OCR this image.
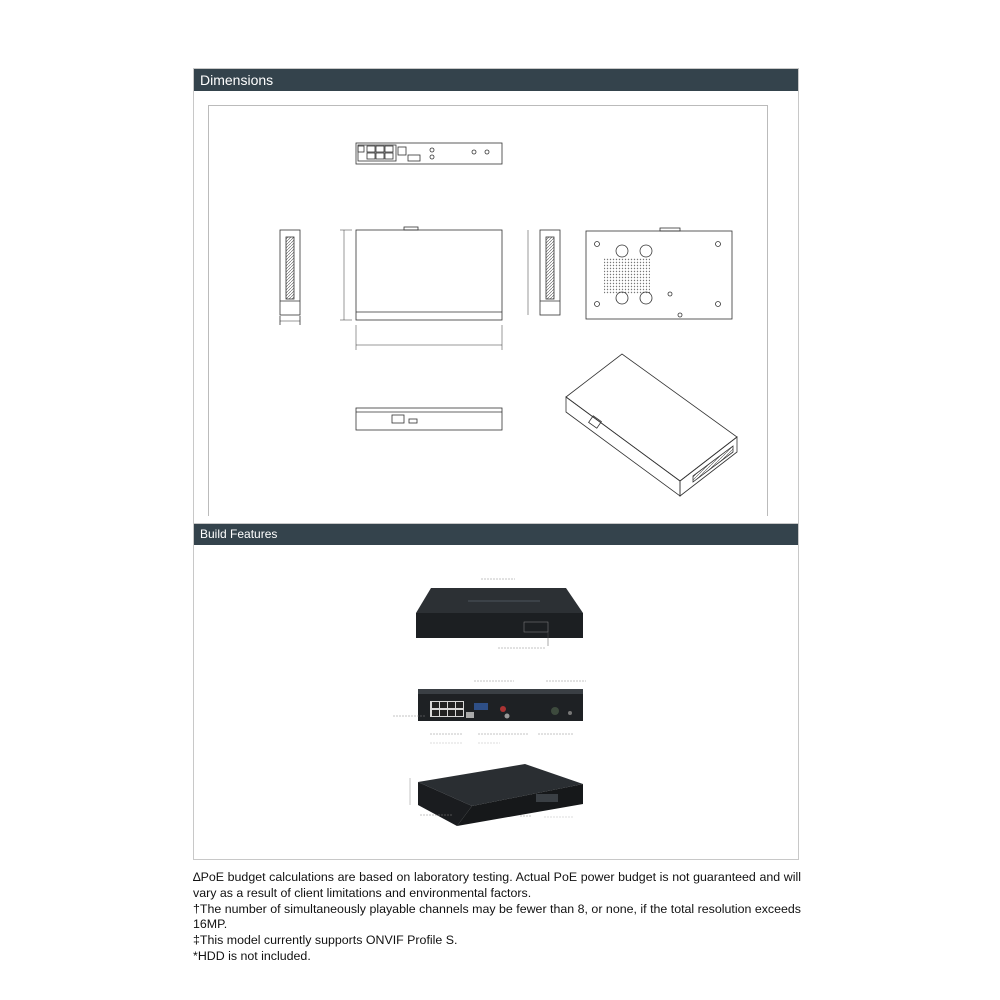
Dimensions
Build Features

∆PoE budget calculations are based on laboratory testing. Actual PoE power budget is not guaranteed and will vary as a result of client limitations and environmental factors.

†The number of simultaneously playable channels may be fewer than 8, or none, if the total resolution exceeds 16MP.

‡This model currently supports ONVIF Profile S.

*HDD is not included.
